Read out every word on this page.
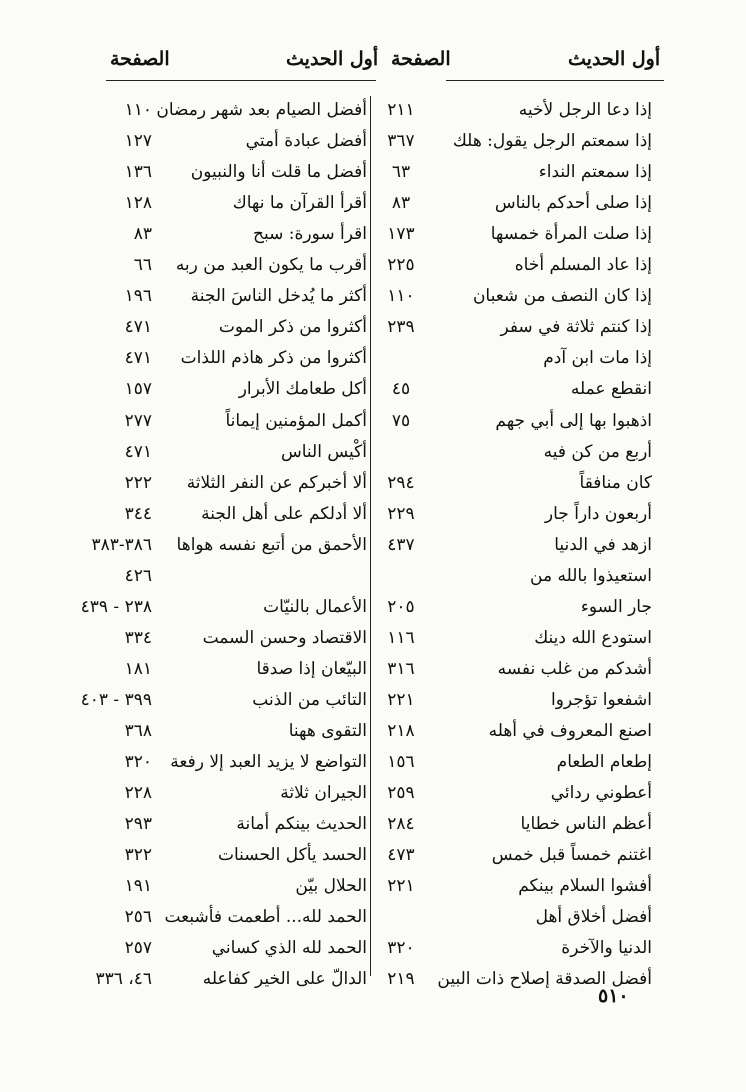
أول الحديث
الصفحة
أول الحديث
الصفحة
إذا دعا الرجل لأخيه
٢١١
أفضل الصيام بعد شهر رمضان
١١٠
إذا سمعتم الرجل يقول: هلك
٣٦٧
أفضل عبادة أمتي
١٢٧
إذا سمعتم النداء
٦٣
أفضل ما قلت أنا والنبيون
١٣٦
إذا صلى أحدكم بالناس
٨٣
أقرأ القرآن ما نهاك
١٢٨
إذا صلت المرأة خمسها
١٧٣
اقرأ سورة: سبح
٨٣
إذا عاد المسلم أخاه
٢٢٥
أقرب ما يكون العبد من ربه
٦٦
إذا كان النصف من شعبان
١١٠
أكثر ما يُدخل الناسَ الجنة
١٩٦
إذا كنتم ثلاثة في سفر
٢٣٩
أكثروا من ذكر الموت
٤٧١
إذا مات ابن آدم
أكثروا من ذكر هاذم اللذات
٤٧١
انقطع عمله
٤٥
أكل طعامك الأبرار
١٥٧
اذهبوا بها إلى أبي جهم
٧٥
أكمل المؤمنين إيماناً
٢٧٧
أربع من كن فيه
أكْيس الناس
٤٧١
كان منافقاً
٢٩٤
ألا أخبركم عن النفر الثلاثة
٢٢٢
أربعون داراً جار
٢٢٩
ألا أدلكم على أهل الجنة
٣٤٤
ازهد في الدنيا
٤٣٧
الأحمق من أتبع نفسه هواها
٣٨٦-٣٨٣
استعيذوا بالله من
٤٢٦
جار السوء
٢٠٥
الأعمال بالنيّات
٢٣٨ - ٤٣٩
استودع الله دينك
١١٦
الاقتصاد وحسن السمت
٣٣٤
أشدكم من غلب نفسه
٣١٦
البيّعان إذا صدقا
١٨١
اشفعوا تؤجروا
٢٢١
التائب من الذنب
٣٩٩ - ٤٠٣
اصنع المعروف في أهله
٢١٨
التقوى ههنا
٣٦٨
إطعام الطعام
١٥٦
التواضع لا يزيد العبد إلا رفعة
٣٢٠
أعطوني ردائي
٢٥٩
الجيران ثلاثة
٢٢٨
أعظم الناس خطايا
٢٨٤
الحديث بينكم أمانة
٢٩٣
اغتنم خمساً قبل خمس
٤٧٣
الحسد يأكل الحسنات
٣٢٢
أفشوا السلام بينكم
٢٢١
الحلال بيّن
١٩١
أفضل أخلاق أهل
الحمد لله... أطعمت فأشبعت
٢٥٦
الدنيا والآخرة
٣٢٠
الحمد لله الذي كساني
٢٥٧
أفضل الصدقة إصلاح ذات البين
٢١٩
الدالّ على الخير كفاعله
٤٦، ٣٣٦
٥١٠
